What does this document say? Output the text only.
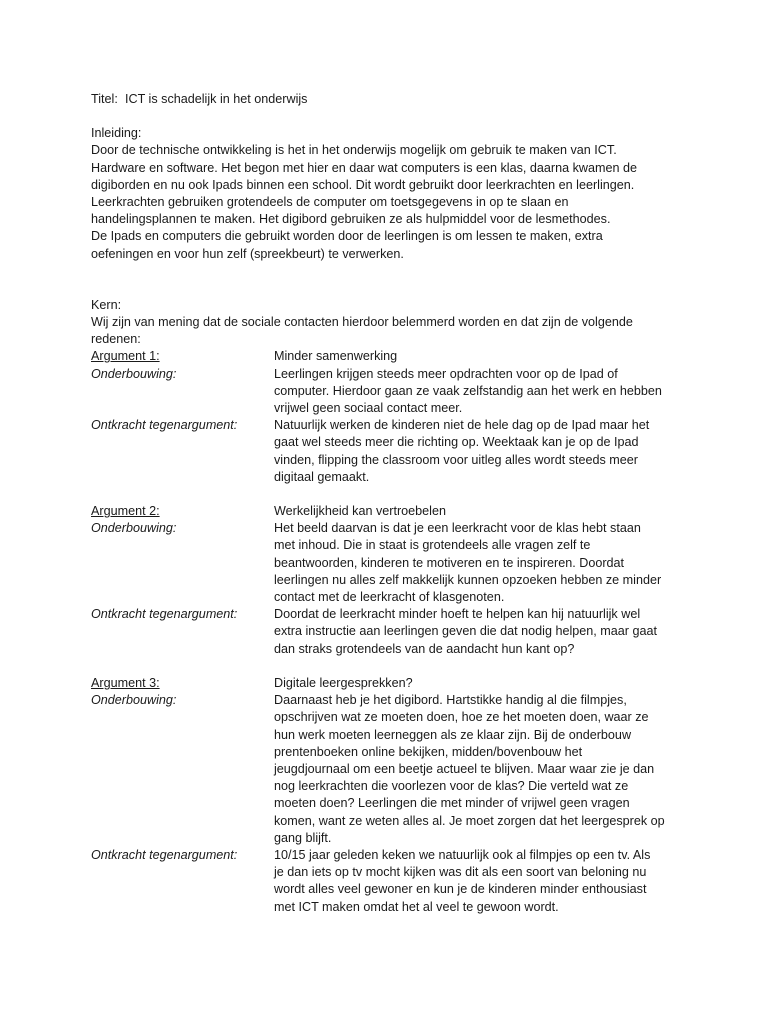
Titel: ICT is schadelijk in het onderwijs

Inleiding:

Door de technische ontwikkeling is het in het onderwijs mogelijk om gebruik te maken van ICT.

Hardware en software. Het begon met hier en daar wat computers is een klas, daarna kwamen de

digiborden en nu ook Ipads binnen een school. Dit wordt gebruikt door leerkrachten en leerlingen.

Leerkrachten gebruiken grotendeels de computer om toetsgegevens in op te slaan en

handelingsplannen te maken. Het digibord gebruiken ze als hulpmiddel voor de lesmethodes.

De Ipads en computers die gebruikt worden door de leerlingen is om lessen te maken, extra

oefeningen en voor hun zelf (spreekbeurt) te verwerken.

Kern:

Wij zijn van mening dat de sociale contacten hierdoor belemmerd worden en dat zijn de volgende

redenen:

Argument 1:	Minder samenwerking
Onderbouwing:	Leerlingen krijgen steeds meer opdrachten voor op de Ipad of

computer. Hierdoor gaan ze vaak zelfstandig aan het werk en hebben

vrijwel geen sociaal contact meer.

Ontkracht tegenargument:	Natuurlijk werken de kinderen niet de hele dag op de Ipad maar het

gaat wel steeds meer die richting op. Weektaak kan je op de Ipad

vinden, flipping the classroom voor uitleg alles wordt steeds meer

digitaal gemaakt.

Argument 2:	Werkelijkheid kan vertroebelen
Onderbouwing:	Het beeld daarvan is dat je een leerkracht voor de klas hebt staan

met inhoud. Die in staat is grotendeels alle vragen zelf te

beantwoorden, kinderen te motiveren en te inspireren. Doordat

leerlingen nu alles zelf makkelijk kunnen opzoeken hebben ze minder

contact met de leerkracht of klasgenoten.

Ontkracht tegenargument:	Doordat de leerkracht minder hoeft te helpen kan hij natuurlijk wel

extra instructie aan leerlingen geven die dat nodig helpen, maar gaat

dan straks grotendeels van de aandacht hun kant op?

Argument 3:	Digitale leergesprekken?
Onderbouwing:	Daarnaast heb je het digibord. Hartstikke handig al die filmpjes,

opschrijven wat ze moeten doen, hoe ze het moeten doen, waar ze

hun werk moeten leerneggen als ze klaar zijn. Bij de onderbouw

prentenboeken online bekijken, midden/bovenbouw het

jeugdjournaal om een beetje actueel te blijven. Maar waar zie je dan

nog leerkrachten die voorlezen voor de klas? Die verteld wat ze

moeten doen? Leerlingen die met minder of vrijwel geen vragen

komen, want ze weten alles al. Je moet zorgen dat het leergesprek op

gang blijft.

Ontkracht tegenargument:	10/15 jaar geleden keken we natuurlijk ook al filmpjes op een tv. Als

je dan iets op tv mocht kijken was dit als een soort van beloning nu

wordt alles veel gewoner en kun je de kinderen minder enthousiast

met ICT maken omdat het al veel te gewoon wordt.
